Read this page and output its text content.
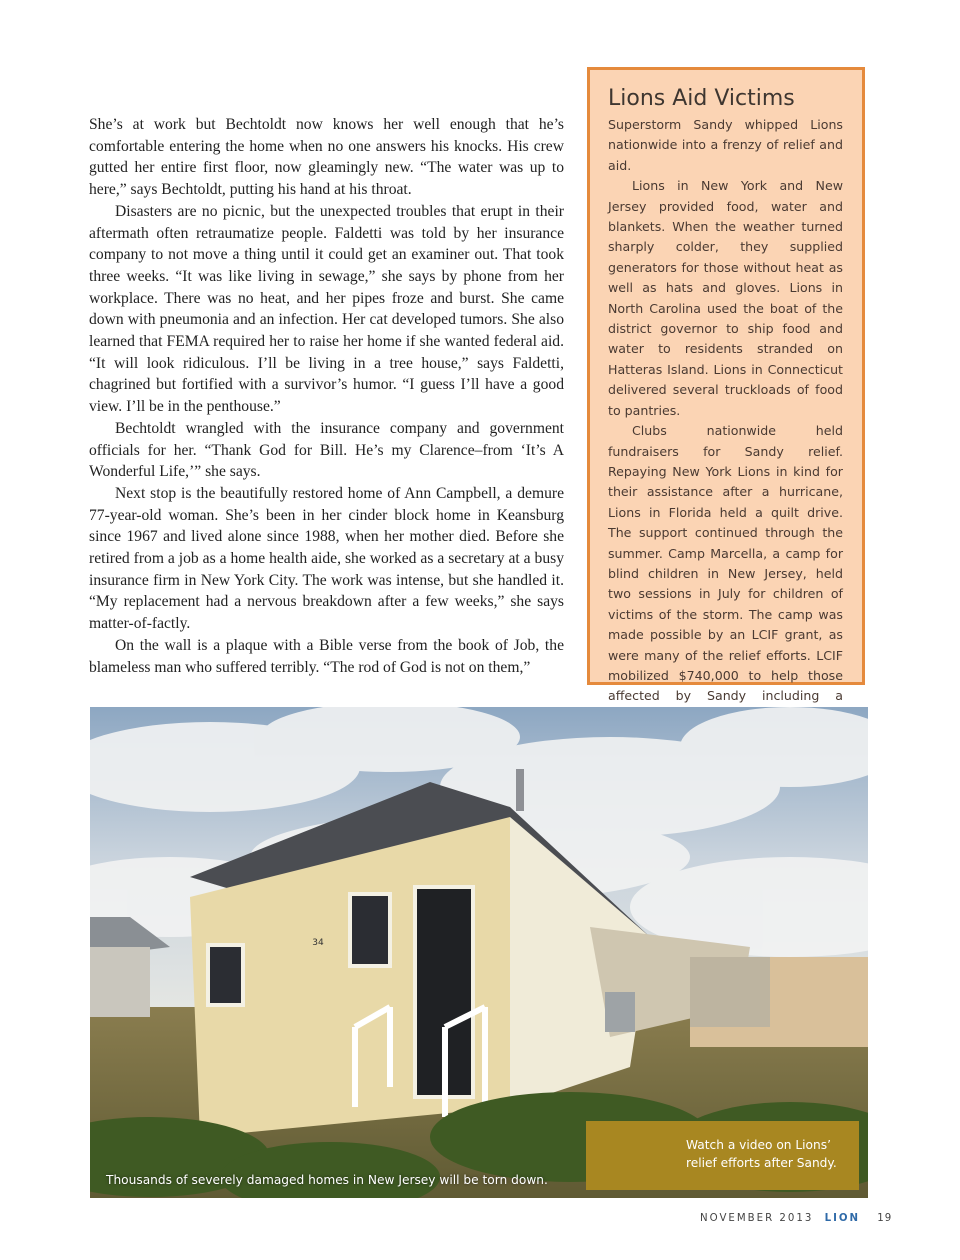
She’s at work but Bechtoldt now knows her well enough that he’s comfortable entering the home when no one answers his knocks. His crew gutted her entire first floor, now gleamingly new. “The water was up to here,” says Bechtoldt, putting his hand at his throat.

Disasters are no picnic, but the unexpected troubles that erupt in their aftermath often retraumatize people. Faldetti was told by her insurance company to not move a thing until it could get an examiner out. That took three weeks. “It was like living in sewage,” she says by phone from her workplace. There was no heat, and her pipes froze and burst. She came down with pneumonia and an infection. Her cat developed tumors. She also learned that FEMA required her to raise her home if she wanted federal aid. “It will look ridiculous. I’ll be living in a tree house,” says Faldetti, chagrined but fortified with a survivor’s humor. “I guess I’ll have a good view. I’ll be in the penthouse.”

Bechtoldt wrangled with the insurance company and government officials for her. “Thank God for Bill. He’s my Clarence–from ‘It’s A Wonderful Life,’” she says.

Next stop is the beautifully restored home of Ann Campbell, a demure 77-year-old woman. She’s been in her cinder block home in Keansburg since 1967 and lived alone since 1988, when her mother died. Before she retired from a job as a home health aide, she worked as a secretary at a busy insurance firm in New York City. The work was intense, but she handled it. “My replacement had a nervous breakdown after a few weeks,” she says matter-of-factly.

On the wall is a plaque with a Bible verse from the book of Job, the blameless man who suffered terribly. “The rod of God is not on them,”

Lions Aid Victims

Superstorm Sandy whipped Lions nationwide into a frenzy of relief and aid.

Lions in New York and New Jersey provided food, water and blankets. When the weather turned sharply colder, they supplied generators for those without heat as well as hats and gloves. Lions in North Carolina used the boat of the district governor to ship food and water to residents stranded on Hatteras Island. Lions in Connecticut delivered several truckloads of food to pantries.

Clubs nationwide held fundraisers for Sandy relief. Repaying New York Lions in kind for their assistance after a hurricane, Lions in Florida held a quilt drive. The support continued through the summer. Camp Marcella, a camp for blind children in New Jersey, held two sessions in July for children of victims of the storm. The camp was made possible by an LCIF grant, as were many of the relief efforts. LCIF mobilized $740,000 to help those affected by Sandy including a

34
Thousands of severely damaged homes in New Jersey will be torn down.
Watch a video on Lions’ relief efforts after Sandy.
NOVEMBER 2013 LION 19
